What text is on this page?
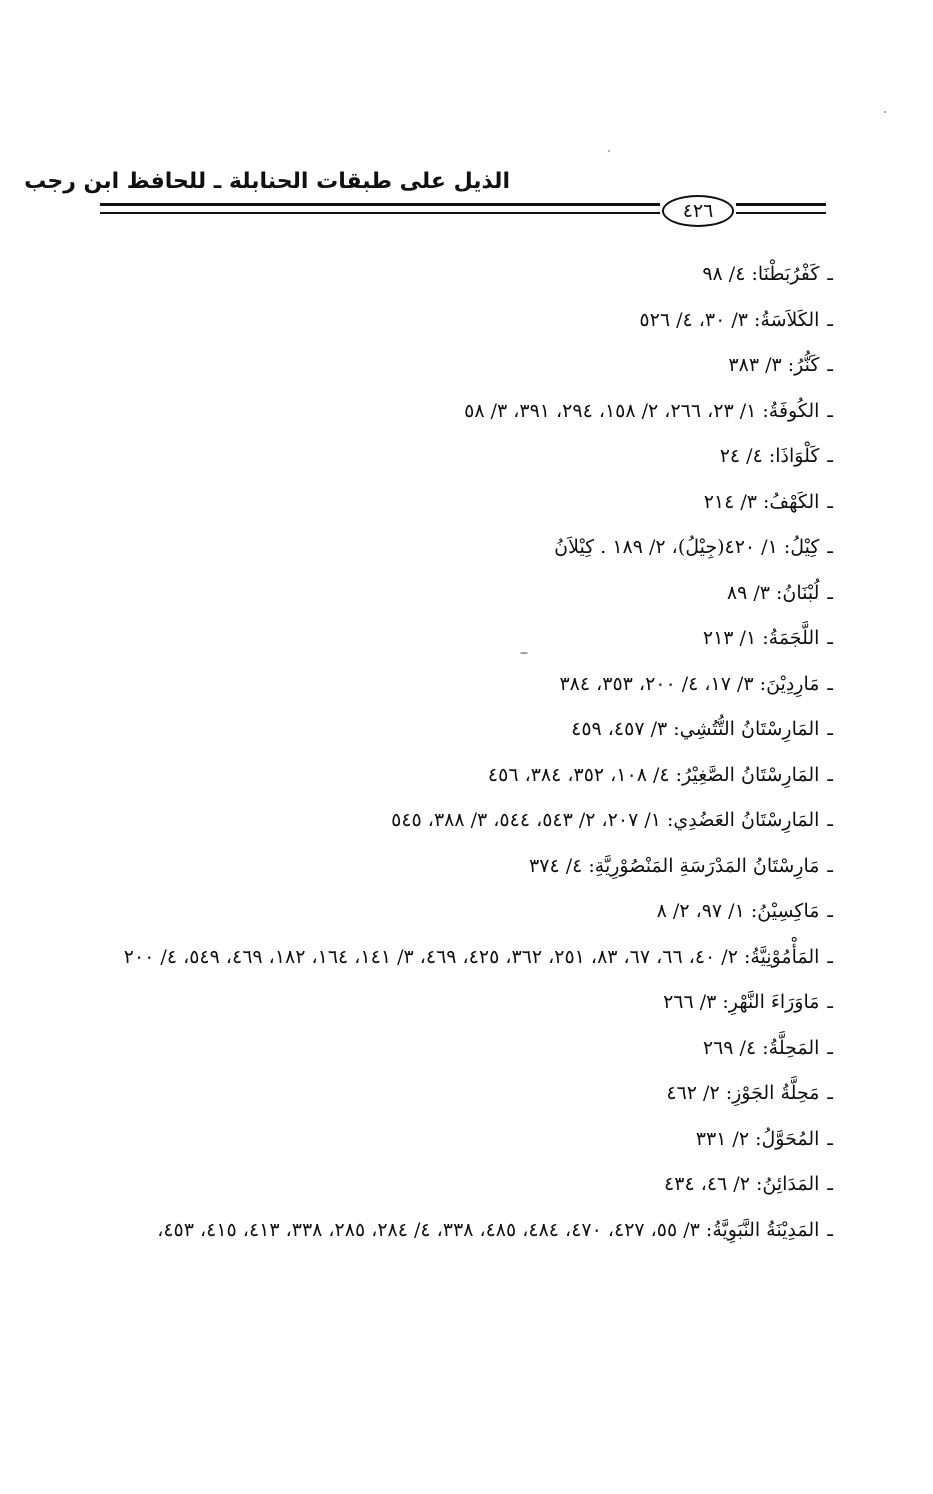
الذيل على طبقات الحنابلة ـ للحافظ ابن رجب
٤٢٦
ـكَفْرُبَطْنَا: ٤/ ٩٨
ـالكَلاَسَةُ: ٣/ ٣٠، ٤/ ٥٢٦
ـكَنُّرُ: ٣/ ٣٨٣
ـالكُوفَةُ: ١/ ٢٣، ٢٦٦، ٢/ ١٥٨، ٢٩٤، ٣٩١، ٣/ ٥٨
ـكَلْوَاذَا: ٤/ ٢٤
ـالكَهْفُ: ٣/ ٢١٤
ـكِيْلُ: ١/ ٤٢٠(جِيْلُ)، ٢/ ١٨٩ . كِيْلاَنُ
ـلُبْنَانُ: ٣/ ٨٩
ـاللَّجَمَةُ: ١/ ٢١٣
ـمَارِدِيْنَ: ٣/ ١٧، ٤/ ٢٠٠، ٣٥٣، ٣٨٤
ـالمَارِسْتَانُ التُّتُشِي: ٣/ ٤٥٧، ٤٥٩
ـالمَارِسْتَانُ الصَّغِيْرُ: ٤/ ١٠٨، ٣٥٢، ٣٨٤، ٤٥٦
ـالمَارِسْتَانُ العَضُدِي: ١/ ٢٠٧، ٢/ ٥٤٣، ٥٤٤، ٣/ ٣٨٨، ٥٤٥
ـمَارِسْتَانُ المَدْرَسَةِ المَنْصُوْرِيَّةِ: ٤/ ٣٧٤
ـمَاكِسِيْنُ: ١/ ٩٧، ٢/ ٨
ـالمَأْمُوْنِيَّةُ: ٢/ ٤٠، ٦٦، ٦٧، ٨٣، ٢٥١، ٣٦٢، ٤٢٥، ٤٦٩، ٣/ ١٤١، ١٦٤، ١٨٢، ٤٦٩، ٥٤٩، ٤/ ٢٠٠
ـمَاوَرَاءَ النَّهْرِ: ٣/ ٢٦٦
ـالمَحِلَّةُ: ٤/ ٢٦٩
ـمَحِلَّةُ الجَوْزِ: ٢/ ٤٦٢
ـالمُحَوَّلُ: ٢/ ٣٣١
ـالمَدَائِنُ: ٢/ ٤٦، ٤٣٤
ـالمَدِيْنَةُ النَّبَوِيَّةُ: ٣/ ٥٥، ٤٢٧، ٤٧٠، ٤٨٤، ٤٨٥، ٣٣٨، ٤/ ٢٨٤، ٢٨٥، ٣٣٨، ٤١٣، ٤١٥، ٤٥٣،
